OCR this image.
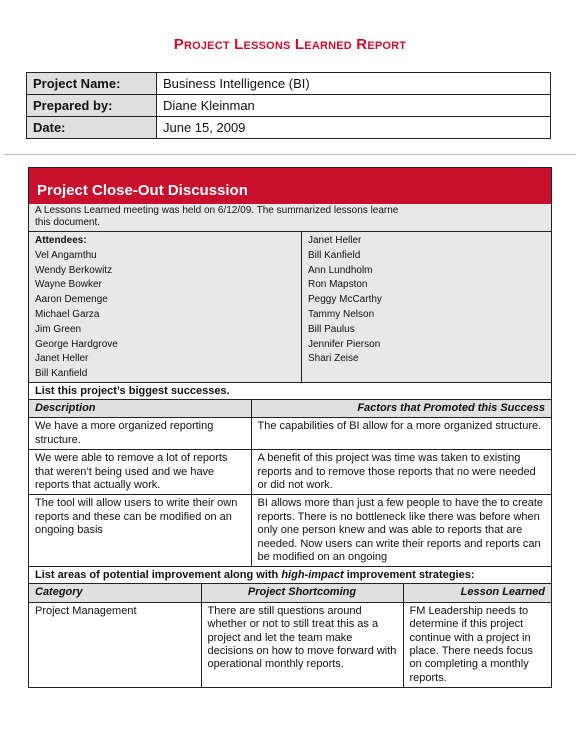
Project Lessons Learned Report
Project Name:	Business Intelligence (BI)
Prepared by:	Diane Kleinman
Date:	June 15, 2009
Project Close-Out Discussion
A Lessons Learned meeting was held on 6/12/09. The summarized lessons learne
this document.
Attendees:
Vel Angamthu
Wendy Berkowitz
Wayne Bowker
Aaron Demenge
Michael Garza
Jim Green
George Hardgrove
Janet Heller
Bill Kanfield
Janet Heller
Bill Kanfield
Ann Lundholm
Ron Mapston
Peggy McCarthy
Tammy Nelson
Bill Paulus
Jennifer Pierson
Shari Zeise
List this project’s biggest successes.
Description	Factors that Promoted this Success
We have a more organized reporting structure.	The capabilities of BI allow for a more organized structure.
We were able to remove a lot of reports that weren’t being used and we have reports that actually work.	A benefit of this project was time was taken to existing reports and to remove those reports that no were needed or did not work.
The tool will allow users to write their own reports and these can be modified on an ongoing basis	BI allows more than just a few people to have the to create reports. There is no bottleneck like there was before when only one person knew and was able to reports that are needed. Now users can write their reports and reports can be modified on an ongoing
List areas of potential improvement along with high-impact improvement strategies:
Category	Project Shortcoming	Lesson Learned
Project Management	There are still questions around whether or not to still treat this as a project and let the team make decisions on how to move forward with operational monthly reports.	FM Leadership needs to determine if this project continue with a project in place. There needs focus on completing a monthly reports.
